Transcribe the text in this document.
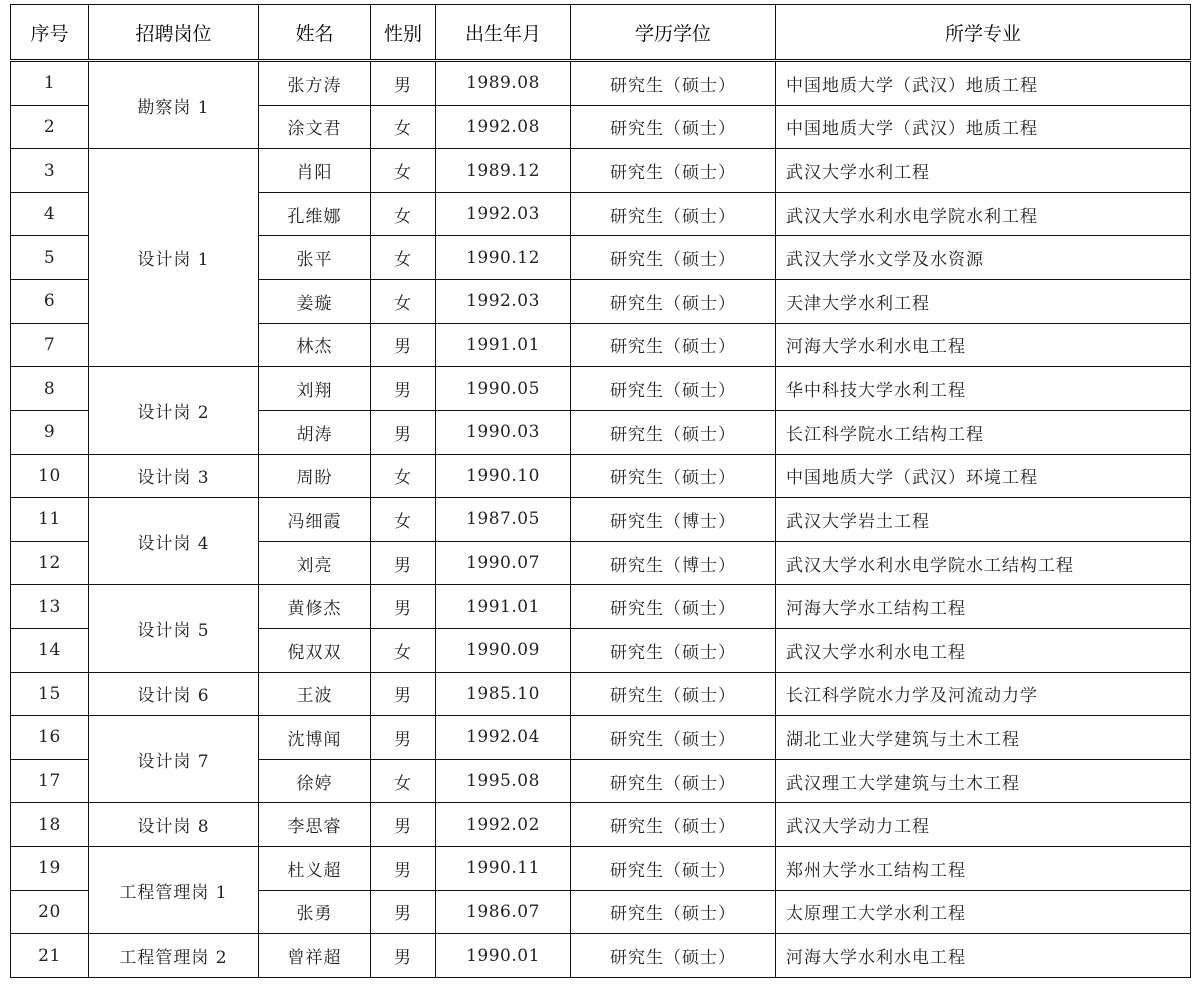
序号	招聘岗位	姓名	性别	出生年月	学历学位	所学专业
1	勘察岗 1	张方涛	男	1989.08	研究生（硕士）	中国地质大学（武汉）地质工程
2		涂文君	女	1992.08	研究生（硕士）	中国地质大学（武汉）地质工程
3	设计岗 1	肖阳	女	1989.12	研究生（硕士）	武汉大学水利工程
4		孔维娜	女	1992.03	研究生（硕士）	武汉大学水利水电学院水利工程
5		张平	女	1990.12	研究生（硕士）	武汉大学水文学及水资源
6		姜璇	女	1992.03	研究生（硕士）	天津大学水利工程
7		林杰	男	1991.01	研究生（硕士）	河海大学水利水电工程
8	设计岗 2	刘翔	男	1990.05	研究生（硕士）	华中科技大学水利工程
9		胡涛	男	1990.03	研究生（硕士）	长江科学院水工结构工程
10	设计岗 3	周盼	女	1990.10	研究生（硕士）	中国地质大学（武汉）环境工程
11	设计岗 4	冯细霞	女	1987.05	研究生（博士）	武汉大学岩土工程
12		刘亮	男	1990.07	研究生（博士）	武汉大学水利水电学院水工结构工程
13	设计岗 5	黄修杰	男	1991.01	研究生（硕士）	河海大学水工结构工程
14		倪双双	女	1990.09	研究生（硕士）	武汉大学水利水电工程
15	设计岗 6	王波	男	1985.10	研究生（硕士）	长江科学院水力学及河流动力学
16	设计岗 7	沈博闻	男	1992.04	研究生（硕士）	湖北工业大学建筑与土木工程
17		徐婷	女	1995.08	研究生（硕士）	武汉理工大学建筑与土木工程
18	设计岗 8	李思睿	男	1992.02	研究生（硕士）	武汉大学动力工程
19	工程管理岗 1	杜义超	男	1990.11	研究生（硕士）	郑州大学水工结构工程
20		张勇	男	1986.07	研究生（硕士）	太原理工大学水利工程
21	工程管理岗 2	曾祥超	男	1990.01	研究生（硕士）	河海大学水利水电工程
